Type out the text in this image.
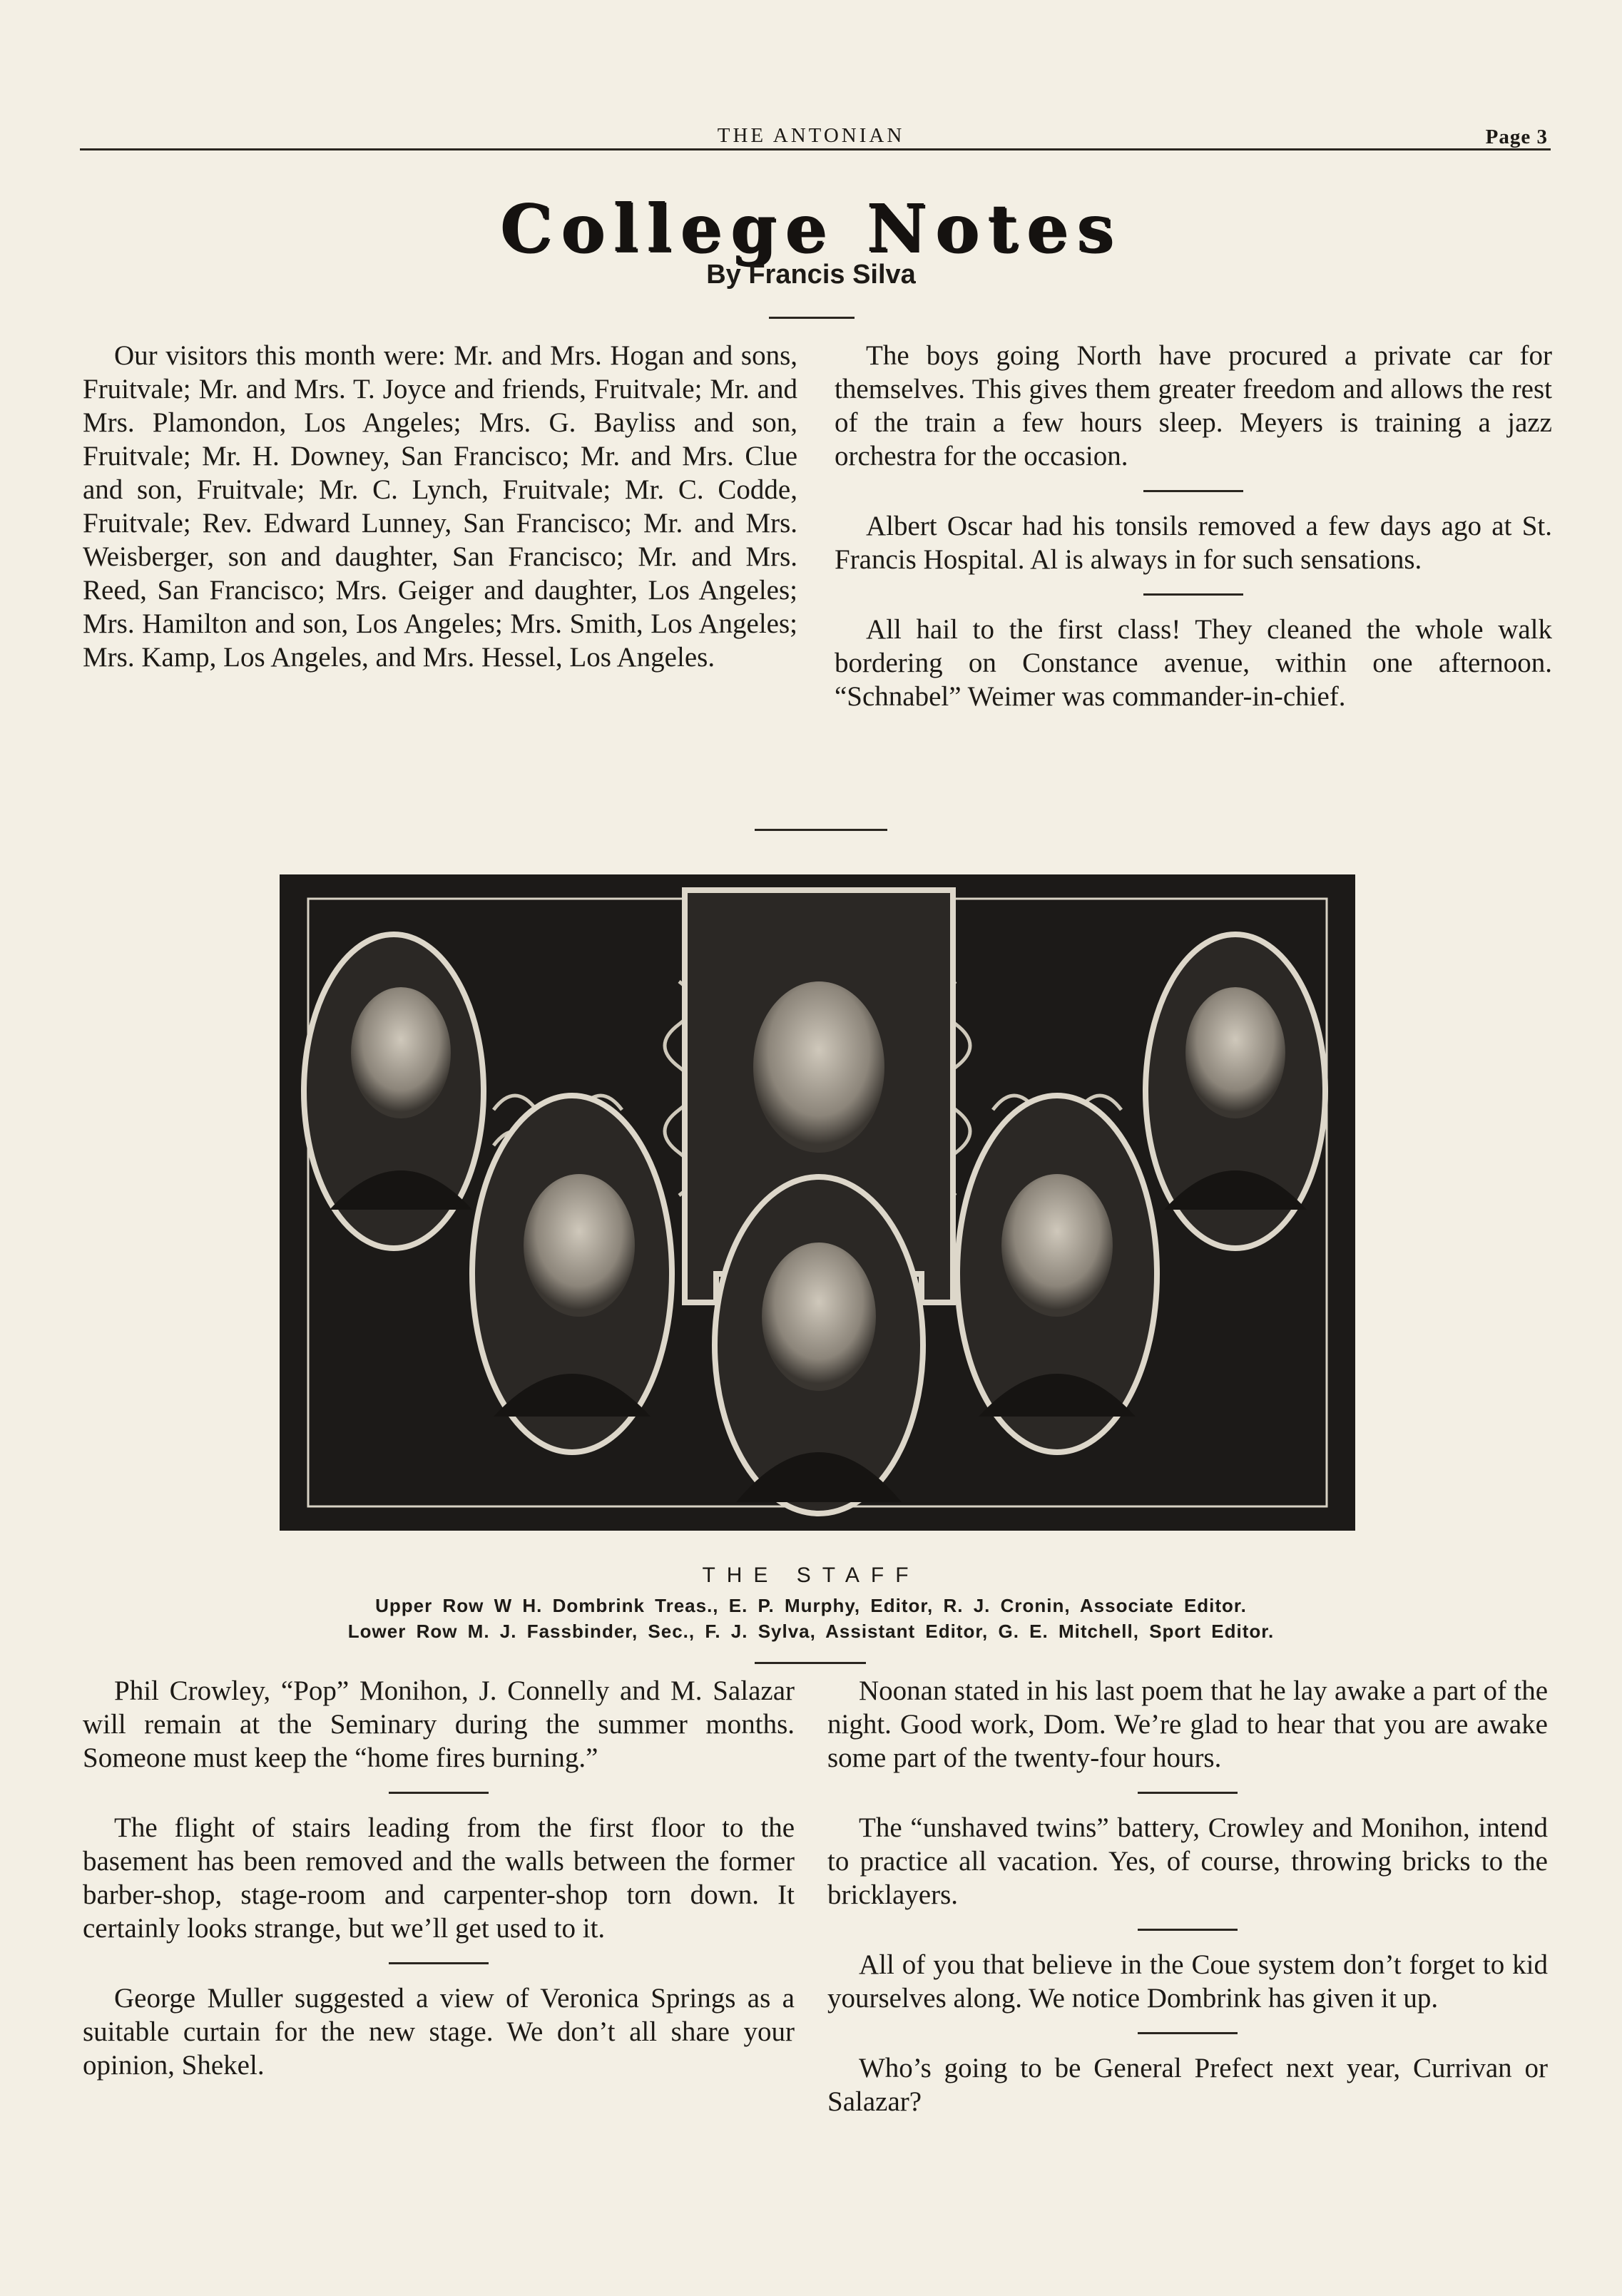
THE ANTONIAN	Page 3
College Notes
By Francis Silva

Our visitors this month were: Mr. and Mrs. Hogan and sons, Fruitvale; Mr. and Mrs. T. Joyce and friends, Fruitvale; Mr. and Mrs. Plamondon, Los Angeles; Mrs. G. Bayliss and son, Fruitvale; Mr. H. Downey, San Francisco; Mr. and Mrs. Clue and son, Fruitvale; Mr. C. Lynch, Fruitvale; Mr. C. Codde, Fruitvale; Rev. Edward Lunney, San Francisco; Mr. and Mrs. Weisberger, son and daughter, San Francisco; Mr. and Mrs. Reed, San Francisco; Mrs. Geiger and daughter, Los Angeles; Mrs. Hamilton and son, Los Angeles; Mrs. Smith, Los Angeles; Mrs. Kamp, Los Angeles, and Mrs. Hessel, Los Angeles.

The boys going North have procured a private car for themselves. This gives them greater freedom and allows the rest of the train a few hours sleep. Meyers is training a jazz orchestra for the occasion.

Albert Oscar had his tonsils removed a few days ago at St. Francis Hospital. Al is always in for such sensations.

All hail to the first class! They cleaned the whole walk bordering on Constance avenue, within one afternoon. “Schnabel” Weimer was commander-in-chief.

THE STAFF
Upper Row W H. Dombrink Treas., E. P. Murphy, Editor, R. J. Cronin, Associate Editor.
Lower Row M. J. Fassbinder, Sec., F. J. Sylva, Assistant Editor, G. E. Mitchell, Sport Editor.

Phil Crowley, “Pop” Monihon, J. Connelly and M. Salazar will remain at the Seminary during the summer months. Someone must keep the “home fires burning.”

The flight of stairs leading from the first floor to the basement has been removed and the walls between the former barber-shop, stage-room and carpenter-shop torn down. It certainly looks strange, but we’ll get used to it.

George Muller suggested a view of Veronica Springs as a suitable curtain for the new stage. We don’t all share your opinion, Shekel.

Noonan stated in his last poem that he lay awake a part of the night. Good work, Dom. We’re glad to hear that you are awake some part of the twenty-four hours.

The “unshaved twins” battery, Crowley and Monihon, intend to practice all vacation. Yes, of course, throwing bricks to the bricklayers.

All of you that believe in the Coue system don’t forget to kid yourselves along. We notice Dombrink has given it up.

Who’s going to be General Prefect next year, Currivan or Salazar?
